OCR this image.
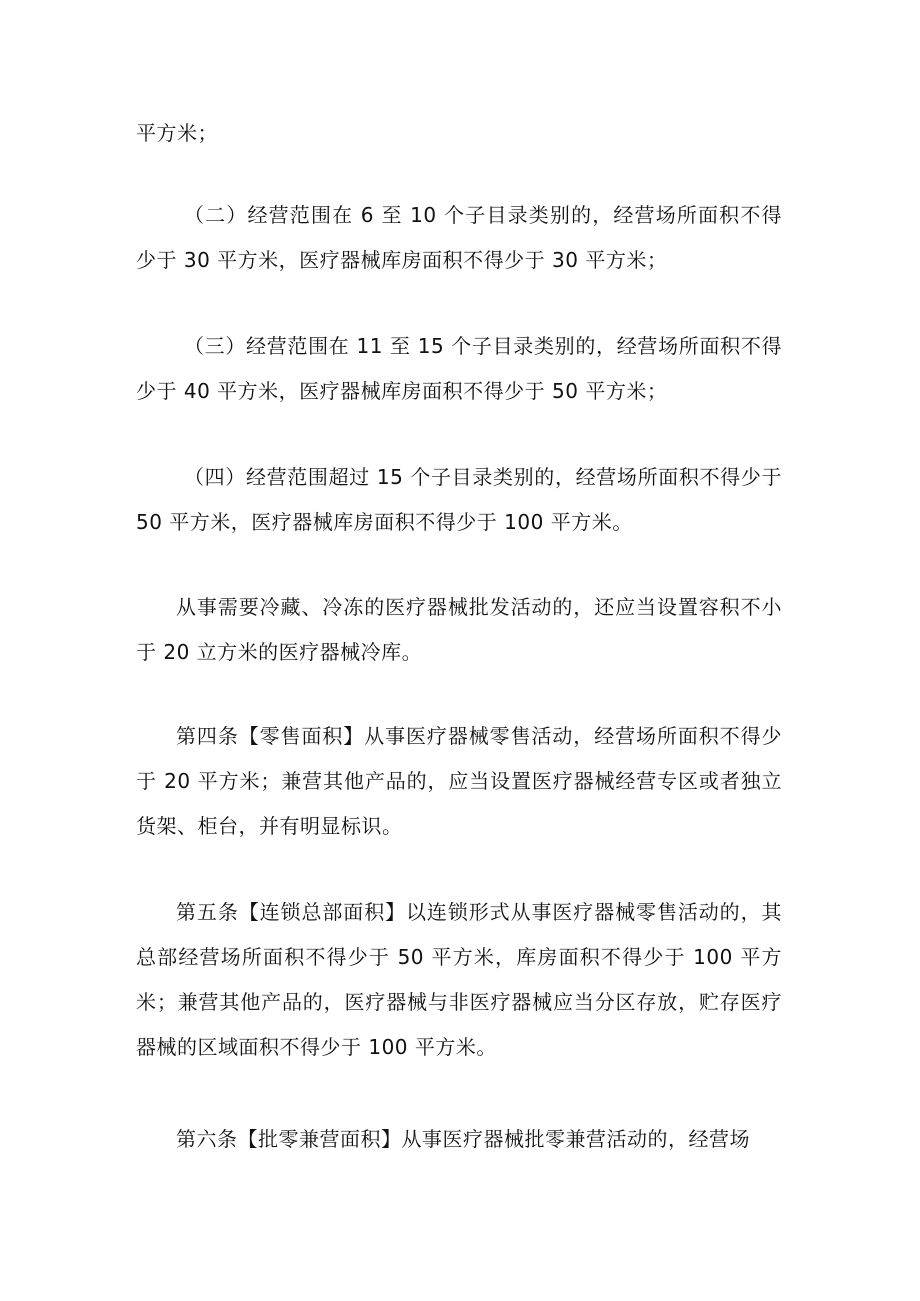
平方米；

（二）经营范围在 6 至 10 个子目录类别的，经营场所面积不得少于 30 平方米，医疗器械库房面积不得少于 30 平方米；

（三）经营范围在 11 至 15 个子目录类别的，经营场所面积不得少于 40 平方米，医疗器械库房面积不得少于 50 平方米；

（四）经营范围超过 15 个子目录类别的，经营场所面积不得少于 50 平方米，医疗器械库房面积不得少于 100 平方米。

从事需要冷藏、冷冻的医疗器械批发活动的，还应当设置容积不小于 20 立方米的医疗器械冷库。

第四条【零售面积】从事医疗器械零售活动，经营场所面积不得少于 20 平方米；兼营其他产品的，应当设置医疗器械经营专区或者独立货架、柜台，并有明显标识。

第五条【连锁总部面积】以连锁形式从事医疗器械零售活动的，其总部经营场所面积不得少于 50 平方米，库房面积不得少于 100 平方米；兼营其他产品的，医疗器械与非医疗器械应当分区存放，贮存医疗器械的区域面积不得少于 100 平方米。

第六条【批零兼营面积】从事医疗器械批零兼营活动的，经营场
